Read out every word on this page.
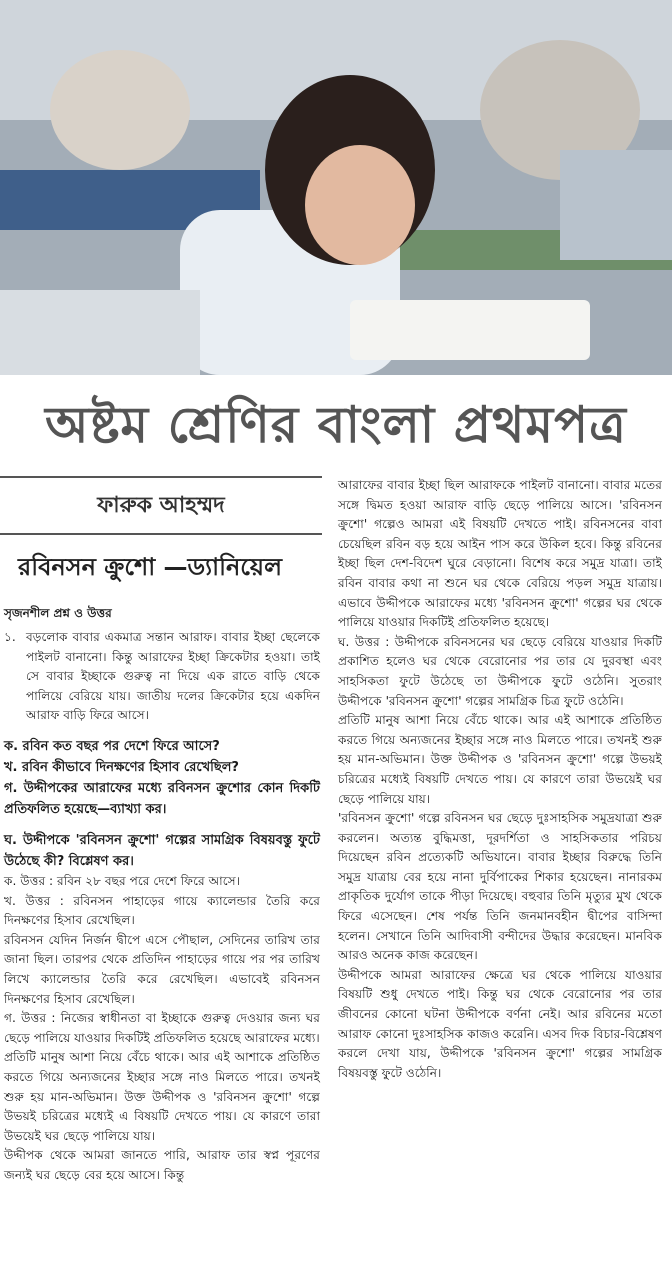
অষ্টম শ্রেণির বাংলা প্রথমপত্র
ফারুক আহম্মদ
রবিনসন ক্রুশো —ড্যানিয়েল
সৃজনশীল প্রশ্ন ও উত্তর
১. বড়লোক বাবার একমাত্র সন্তান আরাফ। বাবার ইচ্ছা ছেলেকে পাইলট বানানো। কিন্তু আরাফের ইচ্ছা ক্রিকেটার হওয়া। তাই সে বাবার ইচ্ছাকে গুরুত্ব না দিয়ে এক রাতে বাড়ি থেকে পালিয়ে বেরিয়ে যায়। জাতীয় দলের ক্রিকেটার হয়ে একদিন আরাফ বাড়ি ফিরে আসে।
ক. রবিন কত বছর পর দেশে ফিরে আসে?
খ. রবিন কীভাবে দিনক্ষণের হিসাব রেখেছিল?
গ. উদ্দীপকের আরাফের মধ্যে রবিনসন ক্রুশোর কোন দিকটি প্রতিফলিত হয়েছে—ব্যাখ্যা কর।
ঘ. উদ্দীপকে 'রবিনসন ক্রুশো' গল্পের সামগ্রিক বিষয়বস্তু ফুটে উঠেছে কী? বিশ্লেষণ কর।
ক. উত্তর : রবিন ২৮ বছর পরে দেশে ফিরে আসে।
খ. উত্তর : রবিনসন পাহাড়ের গায়ে ক্যালেন্ডার তৈরি করে দিনক্ষণের হিসাব রেখেছিল।
রবিনসন যেদিন নির্জন দ্বীপে এসে পৌছাল, সেদিনের তারিখ তার জানা ছিল। তারপর থেকে প্রতিদিন পাহাড়ের গায়ে পর পর তারিখ লিখে ক্যালেন্ডার তৈরি করে রেখেছিল। এভাবেই রবিনসন দিনক্ষণের হিসাব রেখেছিল।
গ. উত্তর : নিজের স্বাধীনতা বা ইচ্ছাকে গুরুত্ব দেওয়ার জন্য ঘর ছেড়ে পালিয়ে যাওয়ার দিকটিই প্রতিফলিত হয়েছে আরাফের মধ্যে।
প্রতিটি মানুষ আশা নিয়ে বেঁচে থাকে। আর এই আশাকে প্রতিষ্ঠিত করতে গিয়ে অন্যজনের ইচ্ছার সঙ্গে নাও মিলতে পারে। তখনই শুরু হয় মান-অভিমান। উক্ত উদ্দীপক ও 'রবিনসন ক্রুশো' গল্পে উভয়ই চরিত্রের মধ্যেই এ বিষয়টি দেখতে পায়। যে কারণে তারা উভয়েই ঘর ছেড়ে পালিয়ে যায়।
উদ্দীপক থেকে আমরা জানতে পারি, আরাফ তার স্বপ্ন পূরণের জন্যই ঘর ছেড়ে বের হয়ে আসে। কিন্তু
আরাফের বাবার ইচ্ছা ছিল আরাফকে পাইলট বানানো। বাবার মতের সঙ্গে দ্বিমত হওয়া আরাফ বাড়ি ছেড়ে পালিয়ে আসে। 'রবিনসন ক্রুশো' গল্পেও আমরা এই বিষয়টি দেখতে পাই। রবিনসনের বাবা চেয়েছিল রবিন বড় হয়ে আইন পাস করে উকিল হবে। কিন্তু রবিনের ইচ্ছা ছিল দেশ-বিদেশ ঘুরে বেড়ানো। বিশেষ করে সমুদ্র যাত্রা। তাই রবিন বাবার কথা না শুনে ঘর থেকে বেরিয়ে পড়ল সমুদ্র যাত্রায়। এভাবে উদ্দীপকে আরাফের মধ্যে 'রবিনসন ক্রুশো' গল্পের ঘর থেকে পালিয়ে যাওয়ার দিকটিই প্রতিফলিত হয়েছে।
ঘ. উত্তর : উদ্দীপকে রবিনসনের ঘর ছেড়ে বেরিয়ে যাওয়ার দিকটি প্রকাশিত হলেও ঘর থেকে বেরোনোর পর তার যে দুরবস্থা এবং সাহসিকতা ফুটে উঠেছে তা উদ্দীপকে ফুটে ওঠেনি। সুতরাং উদ্দীপকে 'রবিনসন ক্রুশো' গল্পের সামগ্রিক চিত্র ফুটে ওঠেনি।
প্রতিটি মানুষ আশা নিয়ে বেঁচে থাকে। আর এই আশাকে প্রতিষ্ঠিত করতে গিয়ে অন্যজনের ইচ্ছার সঙ্গে নাও মিলতে পারে। তখনই শুরু হয় মান-অভিমান। উক্ত উদ্দীপক ও 'রবিনসন ক্রুশো' গল্পে উভয়ই চরিত্রের মধ্যেই বিষয়টি দেখতে পায়। যে কারণে তারা উভয়েই ঘর ছেড়ে পালিয়ে যায়।
'রবিনসন ক্রুশো' গল্পে রবিনসন ঘর ছেড়ে দুঃসাহসিক সমুদ্রযাত্রা শুরু করলেন। অত্যন্ত বুদ্ধিমত্তা, দূরদর্শিতা ও সাহসিকতার পরিচয় দিয়েছেন রবিন প্রত্যেকটি অভিযানে। বাবার ইচ্ছার বিরুদ্ধে তিনি সমুদ্র যাত্রায় বের হয়ে নানা দুর্বিপাকের শিকার হয়েছেন। নানারকম প্রাকৃতিক দুর্যোগ তাকে পীড়া দিয়েছে। বহুবার তিনি মৃত্যুর মুখ থেকে ফিরে এসেছেন। শেষ পর্যন্ত তিনি জনমানবহীন দ্বীপের বাসিন্দা হলেন। সেখানে তিনি আদিবাসী বন্দীদের উদ্ধার করেছেন। মানবিক আরও অনেক কাজ করেছেন।
উদ্দীপকে আমরা আরাফের ক্ষেত্রে ঘর থেকে পালিয়ে যাওয়ার বিষয়টি শুধু দেখতে পাই। কিন্তু ঘর থেকে বেরোনোর পর তার জীবনের কোনো ঘটনা উদ্দীপকে বর্ণনা নেই। আর রবিনের মতো আরাফ কোনো দুঃসাহসিক কাজও করেনি। এসব দিক বিচার-বিশ্লেষণ করলে দেখা যায়, উদ্দীপকে 'রবিনসন ক্রুশো' গল্পের সামগ্রিক বিষয়বস্তু ফুটে ওঠেনি।
